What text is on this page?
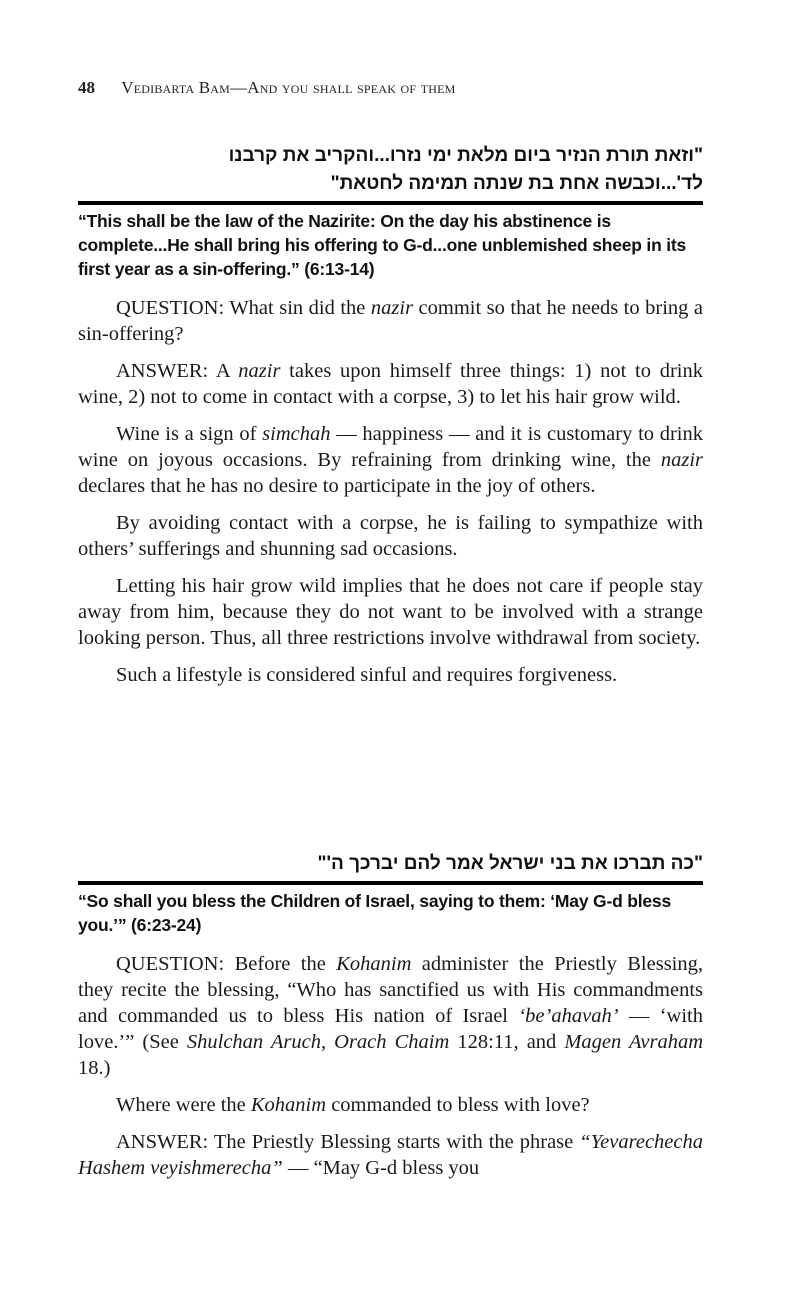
48 Vedibarta Bam—And you shall speak of them
"וזאת תורת הנזיר ביום מלאת ימי נזרו...והקריב את קרבנו
לד'...וכבשה אחת בת שנתה תמימה לחטאת"
“This shall be the law of the Nazirite: On the day his abstinence is complete...He shall bring his offering to G-d...one unblemished sheep in its first year as a sin-offering.” (6:13-14)

QUESTION: What sin did the nazir commit so that he needs to bring a sin-offering?

ANSWER: A nazir takes upon himself three things: 1) not to drink wine, 2) not to come in contact with a corpse, 3) to let his hair grow wild.

Wine is a sign of simchah — happiness — and it is customary to drink wine on joyous occasions. By refraining from drinking wine, the nazir declares that he has no desire to participate in the joy of others.

By avoiding contact with a corpse, he is failing to sympathize with others’ sufferings and shunning sad occasions.

Letting his hair grow wild implies that he does not care if people stay away from him, because they do not want to be involved with a strange looking person. Thus, all three restrictions involve withdrawal from society.

Such a lifestyle is considered sinful and requires forgiveness.

"כה תברכו את בני ישראל אמר להם יברכך ה'"
“So shall you bless the Children of Israel, saying to them: ‘May G-d bless you.’” (6:23-24)

QUESTION: Before the Kohanim administer the Priestly Blessing, they recite the blessing, “Who has sanctified us with His commandments and commanded us to bless His nation of Israel ‘be’ahavah’ — ‘with love.’” (See Shulchan Aruch, Orach Chaim 128:11, and Magen Avraham 18.)

Where were the Kohanim commanded to bless with love?

ANSWER: The Priestly Blessing starts with the phrase “Yevarechecha Hashem veyishmerecha” — “May G-d bless you
